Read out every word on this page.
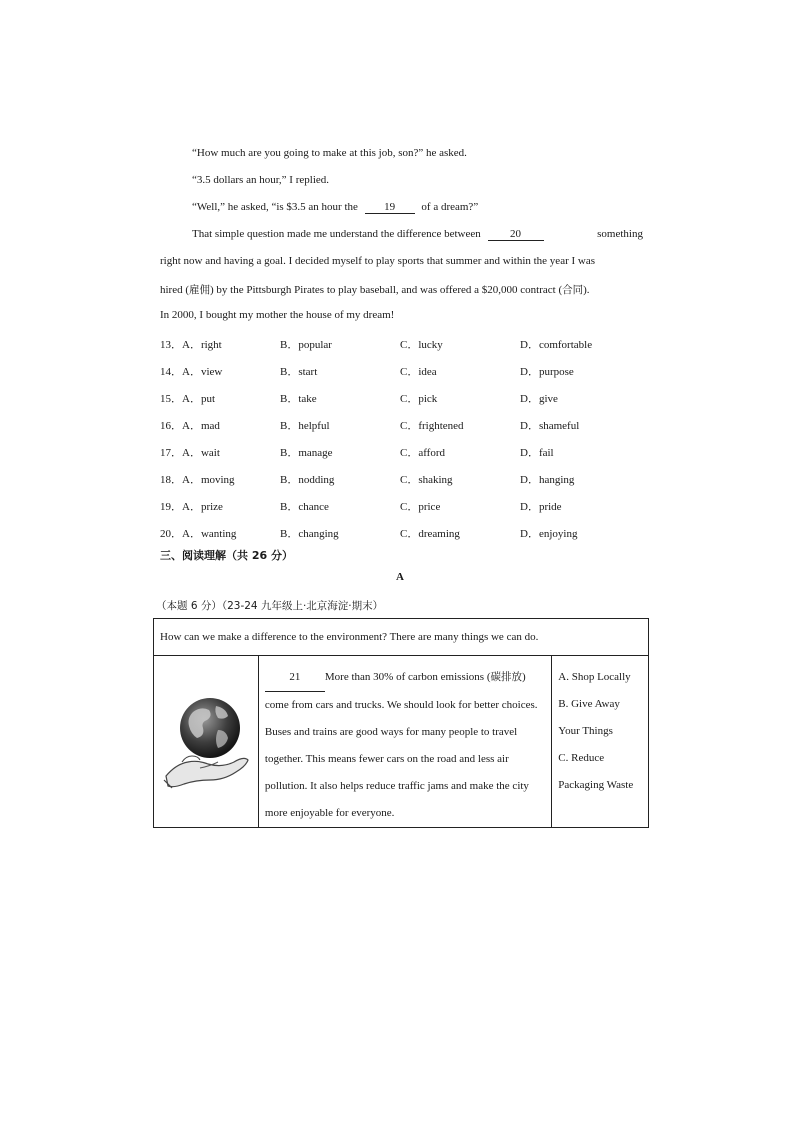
“How much are you going to make at this job, son?” he asked.
“3.5 dollars an hour,” I replied.
“Well,” he asked, “is $3.5 an hour the 19 of a dream?”
That simple question made me understand the difference between	20	something
right now and having a goal. I decided myself to play sports that summer and within the year I was
hired (雇佣) by the Pittsburgh Pirates to play baseball, and was offered a $20,000 contract (合同).
In 2000, I bought my mother the house of my dream!
13．A．right	B．popular	C．lucky	D．comfortable
14．A．view	B．start	C．idea	D．purpose
15．A．put	B．take	C．pick	D．give
16．A．mad	B．helpful	C．frightened	D．shameful
17．A．wait	B．manage	C．afford	D．fail
18．A．moving	B．nodding	C．shaking	D．hanging
19．A．prize	B．chance	C．price	D．pride
20．A．wanting	B．changing	C．dreaming	D．enjoying
三、阅读理解（共 26 分）
A
（本题 6 分）（23-24 九年级上·北京海淀·期末）
How can we make a difference to the environment? There are many things we can do.

21 More than 30% of carbon emissions (碳排放) come from cars and trucks. We should look for better choices. Buses and trains are good ways for many people to travel together. This means fewer cars on the road and less air pollution. It also helps reduce traffic jams and make the city more enjoyable for everyone.

A. Shop Locally
B. Give Away Your Things
C. Reduce Packaging Waste
